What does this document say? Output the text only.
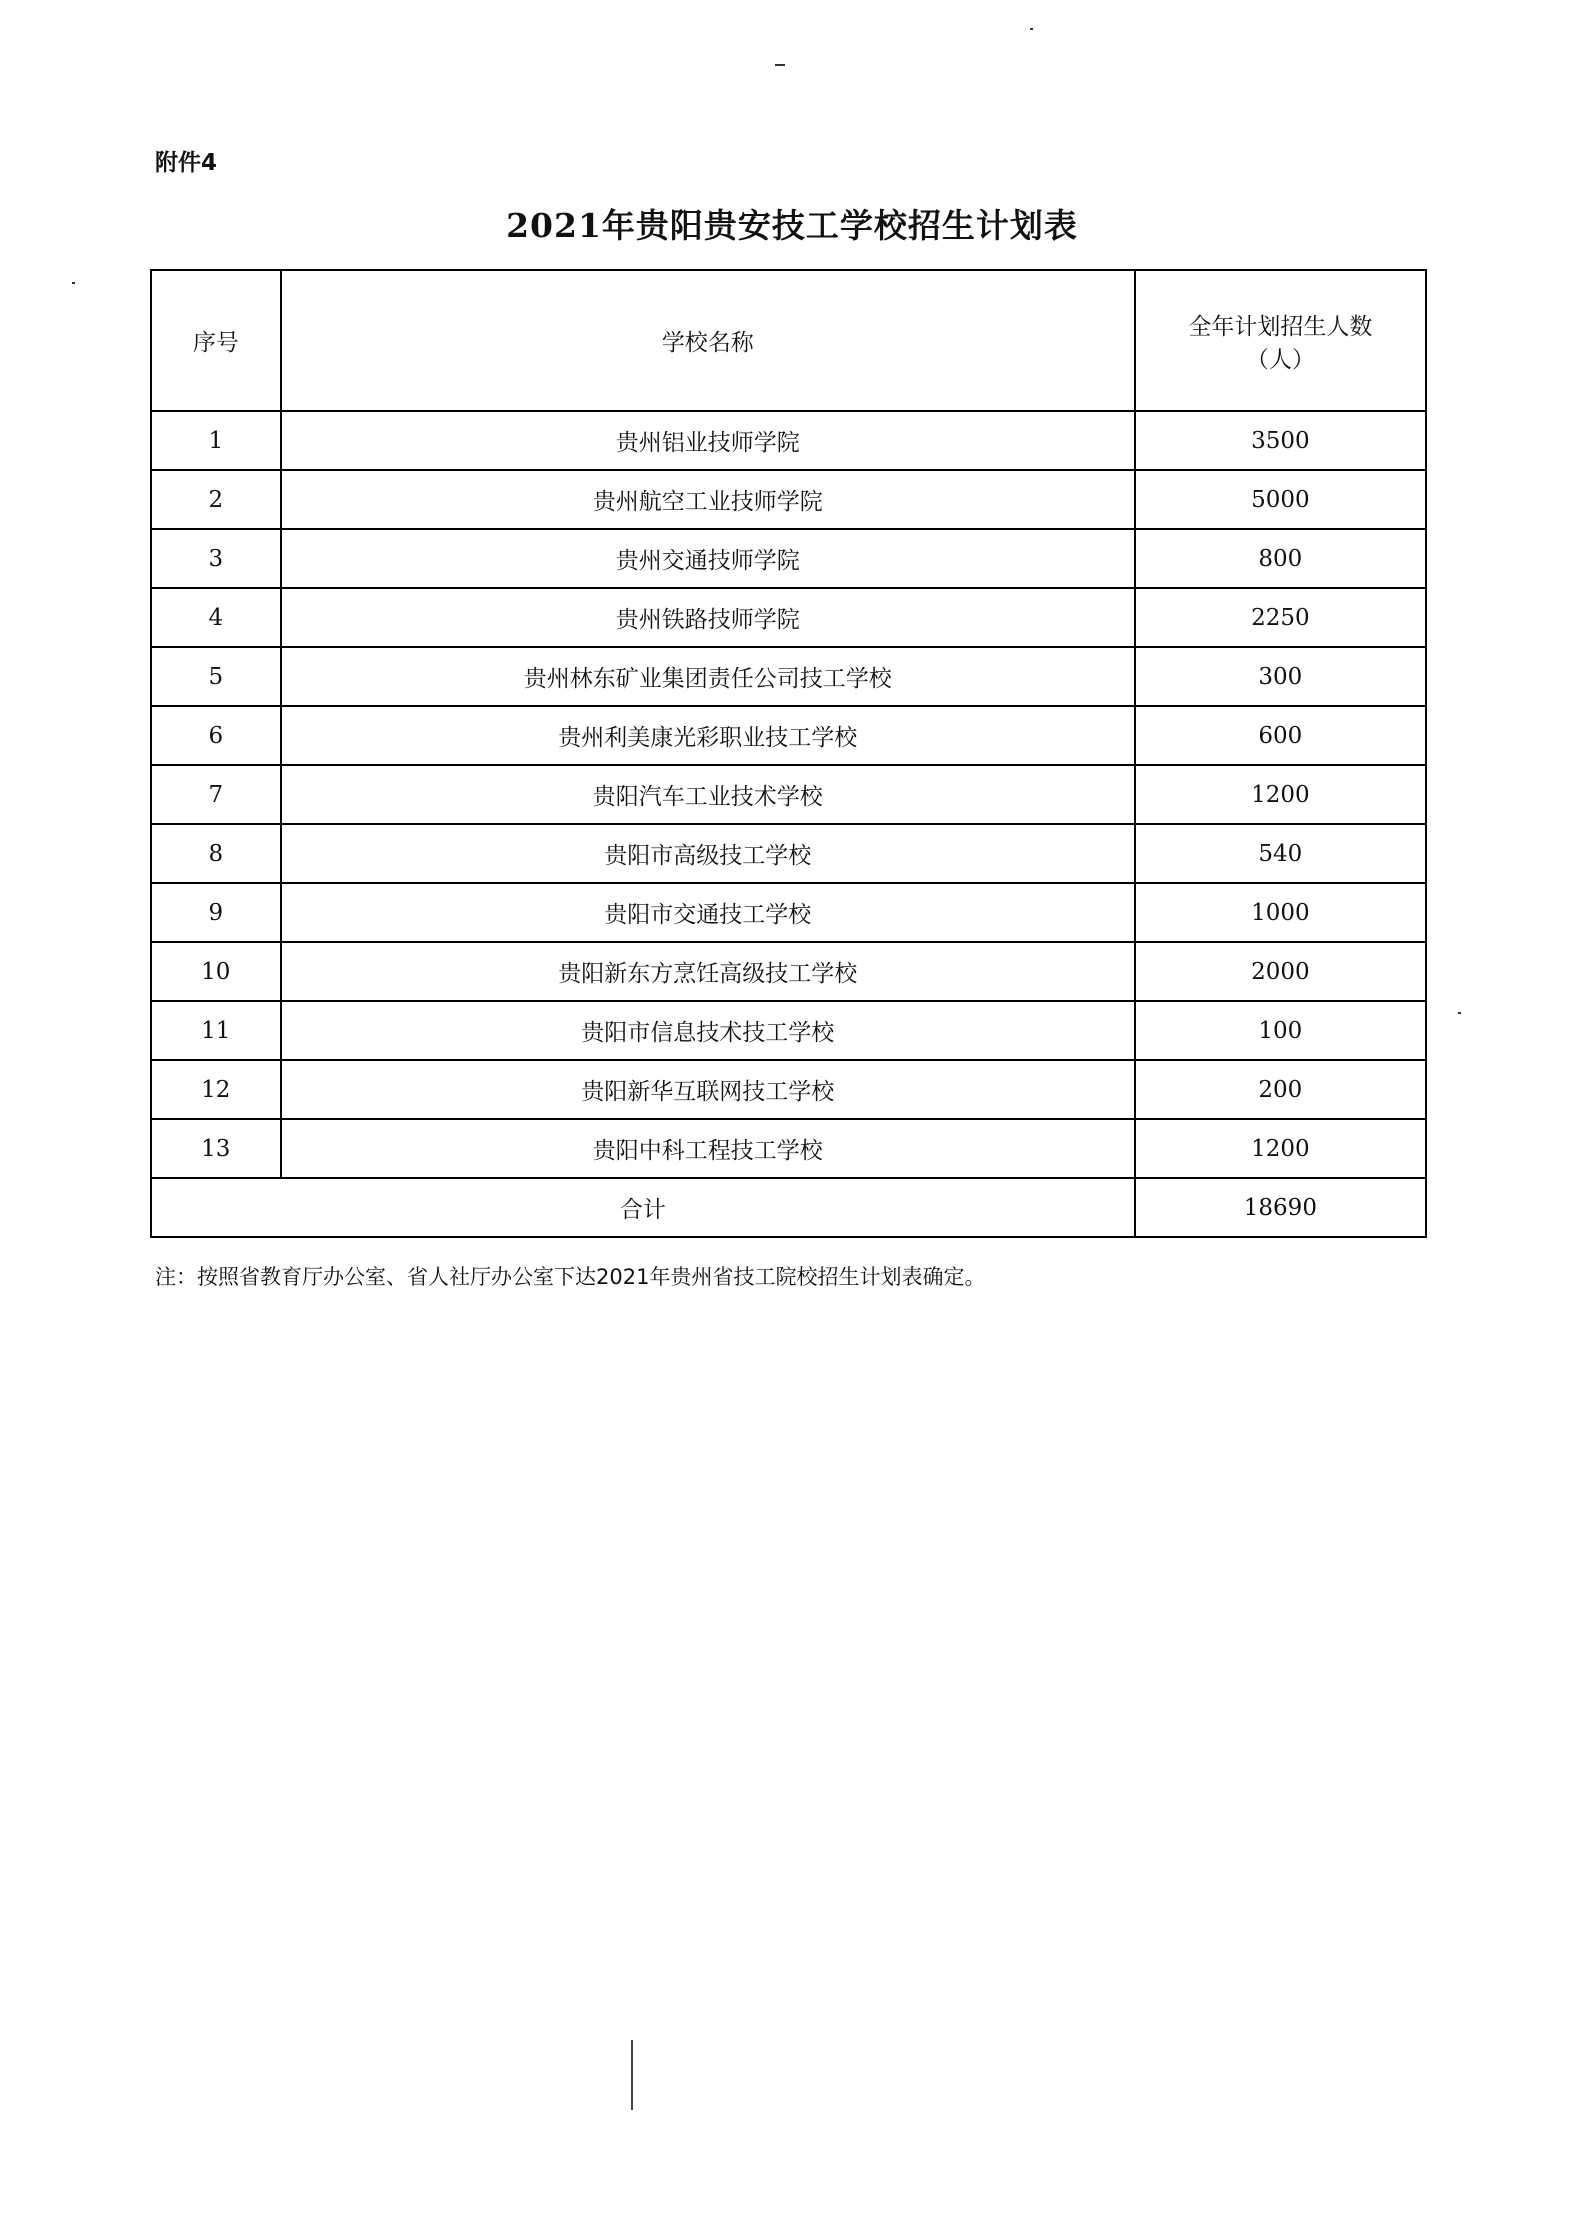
附件4
2021年贵阳贵安技工学校招生计划表
序号	学校名称	全年计划招生人数
（人）

1	贵州铝业技师学院	3500
2	贵州航空工业技师学院	5000
3	贵州交通技师学院	800
4	贵州铁路技师学院	2250
5	贵州林东矿业集团责任公司技工学校	300
6	贵州利美康光彩职业技工学校	600
7	贵阳汽车工业技术学校	1200
8	贵阳市高级技工学校	540
9	贵阳市交通技工学校	1000
10	贵阳新东方烹饪高级技工学校	2000
11	贵阳市信息技术技工学校	100
12	贵阳新华互联网技工学校	200
13	贵阳中科工程技工学校	1200
合计		18690
注：按照省教育厅办公室、省人社厅办公室下达2021年贵州省技工院校招生计划表确定。
